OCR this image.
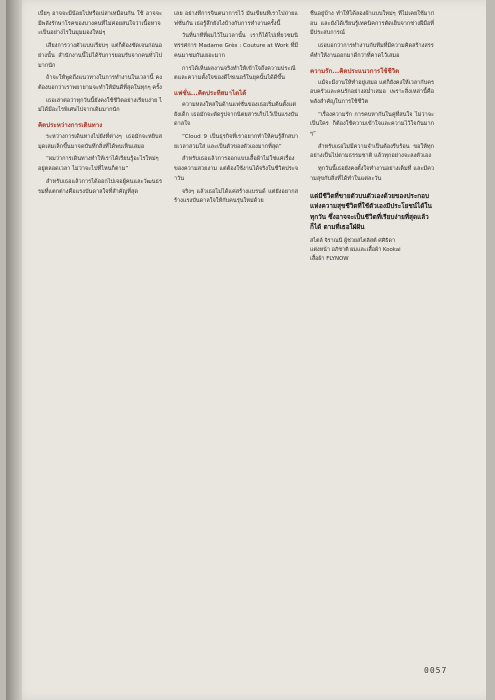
เบี้ยๆ อาจจะมีน้อยไปหรือเปล่าเหมือนกัน ใช้ อาจจะมีพลังรักษาโรคของบางคนที่ไม่ค่อยสนใจว่าเนื้อหาจะเป็นอย่างไรในมุมมองใหม่ๆ

เสียงการวางตัวแบบเรียบๆ แต่ก็ต้องชัดเจนก่อนอย่างนั้น สำนักงานนี้ไม่ได้รับการยอมรับจากคนทั่วไปมากนัก

ถ้าจะให้พูดถึงแนวทางในการทำงานในเวลานี้ คงต้องบอกว่าเราพยายามจะทำให้มันดีที่สุดในทุกๆ ครั้ง

เธอเล่าต่อว่าทุกวันนี้ยังคงใช้ชีวิตอย่างเรียบง่าย ไม่ได้มีอะไรพิเศษไปจากเดิมมากนัก

คิดประหว่างการเดินทาง

ระหว่างการเดินทางไปยังที่ต่างๆ เธอมักจะหยิบสมุดเล่มเล็กขึ้นมาจดบันทึกสิ่งที่ได้พบเห็นเสมอ

“ผมว่าการเดินทางทำให้เราได้เรียนรู้อะไรใหม่ๆ อยู่ตลอดเวลา ไม่ว่าจะไปที่ไหนก็ตาม”

สำหรับเธอแล้วการได้ออกไปเจอผู้คนและวัฒนธรรมที่แตกต่างคือแรงบันดาลใจที่สำคัญที่สุด

เลย อย่างที่การจินตนาการไว้ มันเขียนที่เราไปถ่ายแฟชั่นกัน เธอรู้สึกยังไงบ้างกับการทำงานครั้งนี้

วันที่นาทีที่ผมไว้ในเวลานั้น เราก็ได้ไปเที่ยวชมนิทรรศการ Madame Grès : Couture at Work ที่มีคนมาชมกันเยอะมาก

การได้เห็นผลงานจริงทำให้เข้าใจถึงความประณีตและความตั้งใจของดีไซเนอร์ในยุคนั้นได้ดีขึ้น

แฟชั่น...คิดประทีสมาไดได้

ความหลงใหลในด้านแฟชั่นของเธอเริ่มต้นตั้งแต่ยังเด็ก เธอมักจะตัดรูปจากนิตยสารเก็บไว้เป็นแรงบันดาลใจ

“Cloud 9 เป็นธุรกิจที่เราอยากทำให้คนรู้สึกสบายเวลาสวมใส่ และเป็นตัวของตัวเองมากที่สุด”

สำหรับเธอแล้วการออกแบบเสื้อผ้าไม่ใช่แค่เรื่องของความสวยงาม แต่ต้องใช้งานได้จริงในชีวิตประจำวัน

จริงๆ แล้วเธอไม่ได้แค่สร้างแบรนด์ แต่ยังอยากสร้างแรงบันดาลใจให้กับคนรุ่นใหม่ด้วย

ชื่นอยู่บ้าง ทำให้ได้ลองผ้าแบบใหม่ๆ ที่ไม่เคยใช้มาก่อน และยังได้เรียนรู้เทคนิคการตัดเย็บจากช่างฝีมือที่มีประสบการณ์

เธอบอกว่าการทำงานกับทีมที่มีความคิดสร้างสรรค์ทำให้งานออกมาดีกว่าที่คาดไว้เสมอ

ความรัก...คิดประแนวการใช้ชีวิต

แม้จะมีงานให้ทำอยู่เสมอ แต่ก็ยังคงให้เวลากับครอบครัวและคนรักอย่างสม่ำเสมอ เพราะสิ่งเหล่านี้คือพลังสำคัญในการใช้ชีวิต

“เรื่องความรัก การคบหากันในคู่ที่สนใจ ไม่ว่าจะเป็นใคร ก็ต้องใช้ความเข้าใจและความไว้ใจกันมากๆ”

สำหรับเธอไม่มีความจำเป็นต้องรีบร้อน ขอให้ทุกอย่างเป็นไปตามธรรมชาติ แล้วทุกอย่างจะลงตัวเอง

ทุกวันนี้เธอยังคงตั้งใจทำงานอย่างเต็มที่ และมีความสุขกับสิ่งที่ได้ทำในแต่ละวัน

แต่มีชีวิตที่ขายตัวบนตัวเองด้วยของประกอบแห่งความสุขชีวิตที่ใช้ตัวเองมีประโยชน์ได้ในทุกวัน ซึ่งอาจจะเป็นชีวิตที่เรียบง่ายที่สุดแล้วก็ได้ ตามที่เธอใฝ่ฝัน

สไตล์ จิราณนี ผู้ช่วยสไตลิสต์ ศศิธิดา

แต่งหน้า อภิชาติ ผมและเสื้อผ้า Kookai

เสื้อผ้า FLYNOW

0057
